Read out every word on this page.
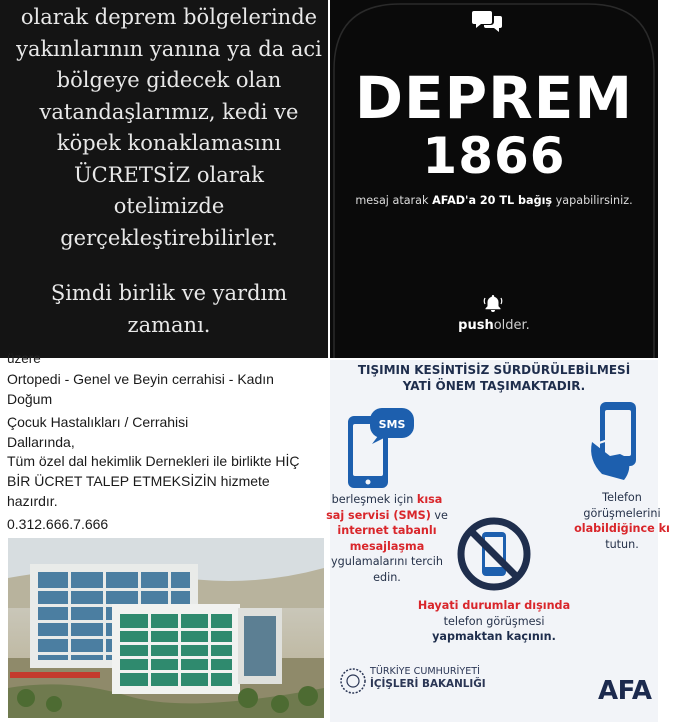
olarak deprem bölgelerinde
yakınlarının yanına ya da aci
bölgeye gidecek olan
vatandaşlarımız, kedi ve
köpek konaklamasını
ÜCRETSİZ olarak
otelimizde
gerçekleştirebilirler.
Şimdi birlik ve yardım
zamanı.
DEPREM
1866
mesaj atarak AFAD'a 20 TL bağış yapabilirsiniz.
pusholder.
üzere
Ortopedi - Genel ve Beyin cerrahisi - Kadın
Doğum
Çocuk Hastalıkları / Cerrahisi
Dallarında,
Tüm özel dal hekimlik Dernekleri ile birlikte HİÇ
BİR ÜCRET TALEP ETMEKSİZİN hizmete
hazırdır.
0.312.666.7.666
TIŞIMIN KESİNTİSİZ SÜRDÜRÜLEBİLMESİ
YATİ ÖNEM TAŞIMAKTADIR.
SMS
berleşmek için kısa
saj servisi (SMS) ve
internet tabanlı
mesajlaşma
ygulamalarını tercih
edin.
Telefon
görüşmelerini
olabildiğince kı
tutun.
Hayati durumlar dışında
telefon görüşmesi
yapmaktan kaçının.
TÜRKİYE CUMHURİYETİ
İÇİŞLERİ BAKANLIĞI	AFA
